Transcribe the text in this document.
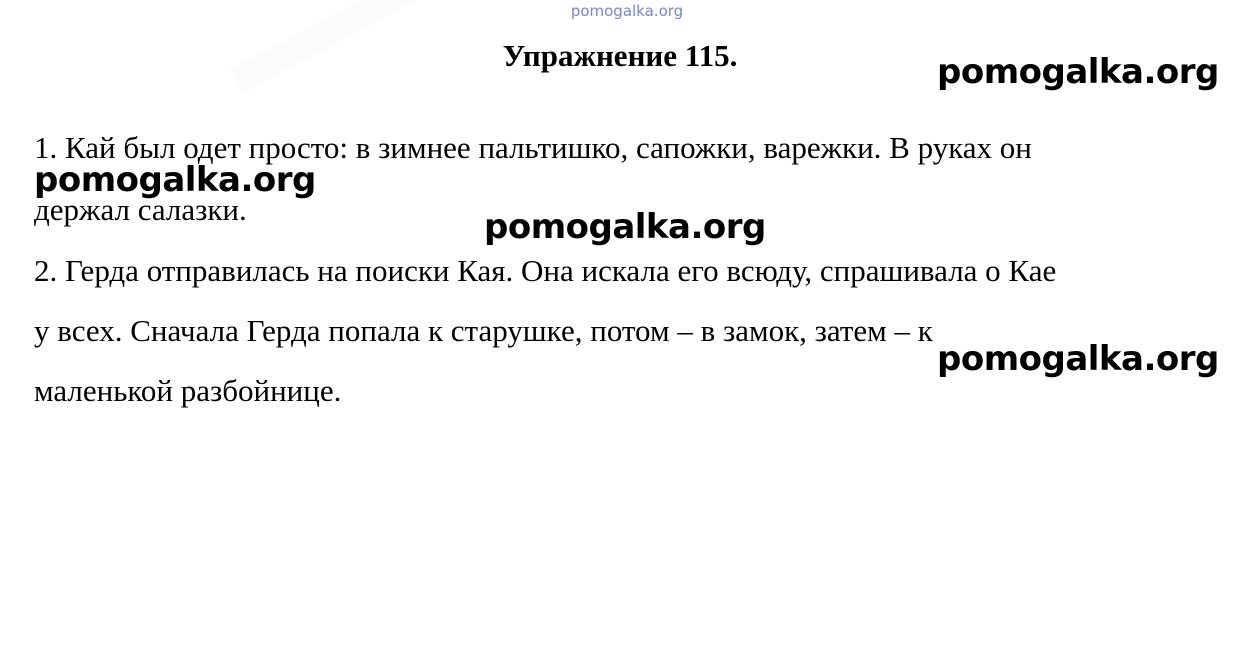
pomogalka.org
Упражнение 115.
1. Кай был одет просто: в зимнее пальтишко, сапожки, варежки. В руках он
держал салазки.
2. Герда отправилась на поиски Кая. Она искала его всюду, спрашивала о Кае
у всех. Сначала Герда попала к старушке, потом – в замок, затем – к
маленькой разбойнице.
pomogalka.org
pomogalka.org
pomogalka.org
pomogalka.org
